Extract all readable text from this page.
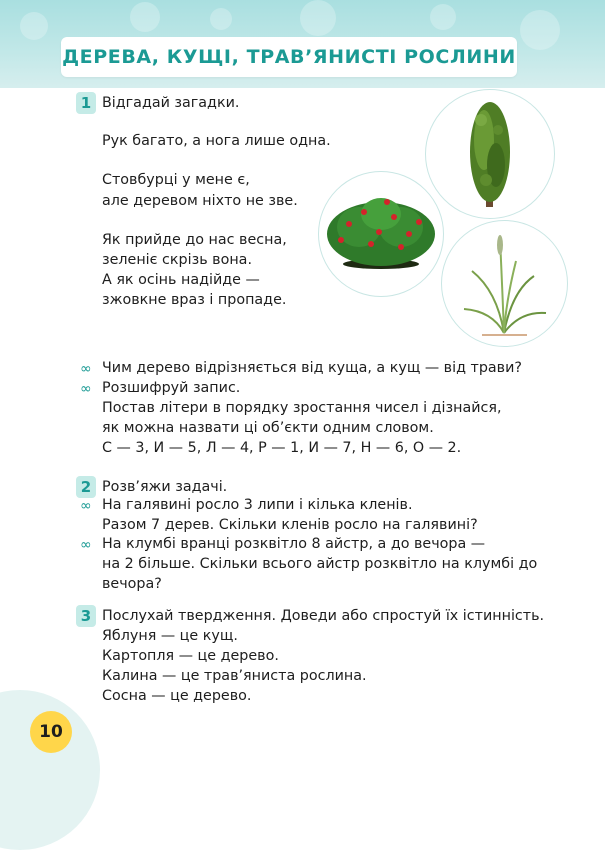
ДЕРЕВА, КУЩІ, ТРАВ’ЯНИСТІ РОСЛИНИ
1 Відгадай загадки.
Рук багато, а нога лише одна.
Стовбурці у мене є,
але деревом ніхто не зве.
Як прийде до нас весна,
зеленіє скрізь вона.
А як осінь надійде —
зжовкне враз і пропаде.
∞ Чим дерево відрізняється від куща, а кущ — від трави?
∞ Розшифруй запис.
Постав літери в порядку зростання чисел і дізнайся,
як можна назвати ці об’єкти одним словом.
С — 3, И — 5, Л — 4, Р — 1, И — 7, Н — 6, О — 2.
2 Розв’яжи задачі.
∞ На галявині росло 3 липи і кілька кленів.
Разом 7 дерев. Скільки кленів росло на галявині?
∞ На клумбі вранці розквітло 8 айстр, а до вечора —
на 2 більше. Скільки всього айстр розквітло на клумбі до
вечора?
3 Послухай твердження. Доведи або спростуй їх істинність.
Яблуня — це кущ.
Картопля — це дерево.
Калина — це трав’яниста рослина.
Сосна — це дерево.
10
